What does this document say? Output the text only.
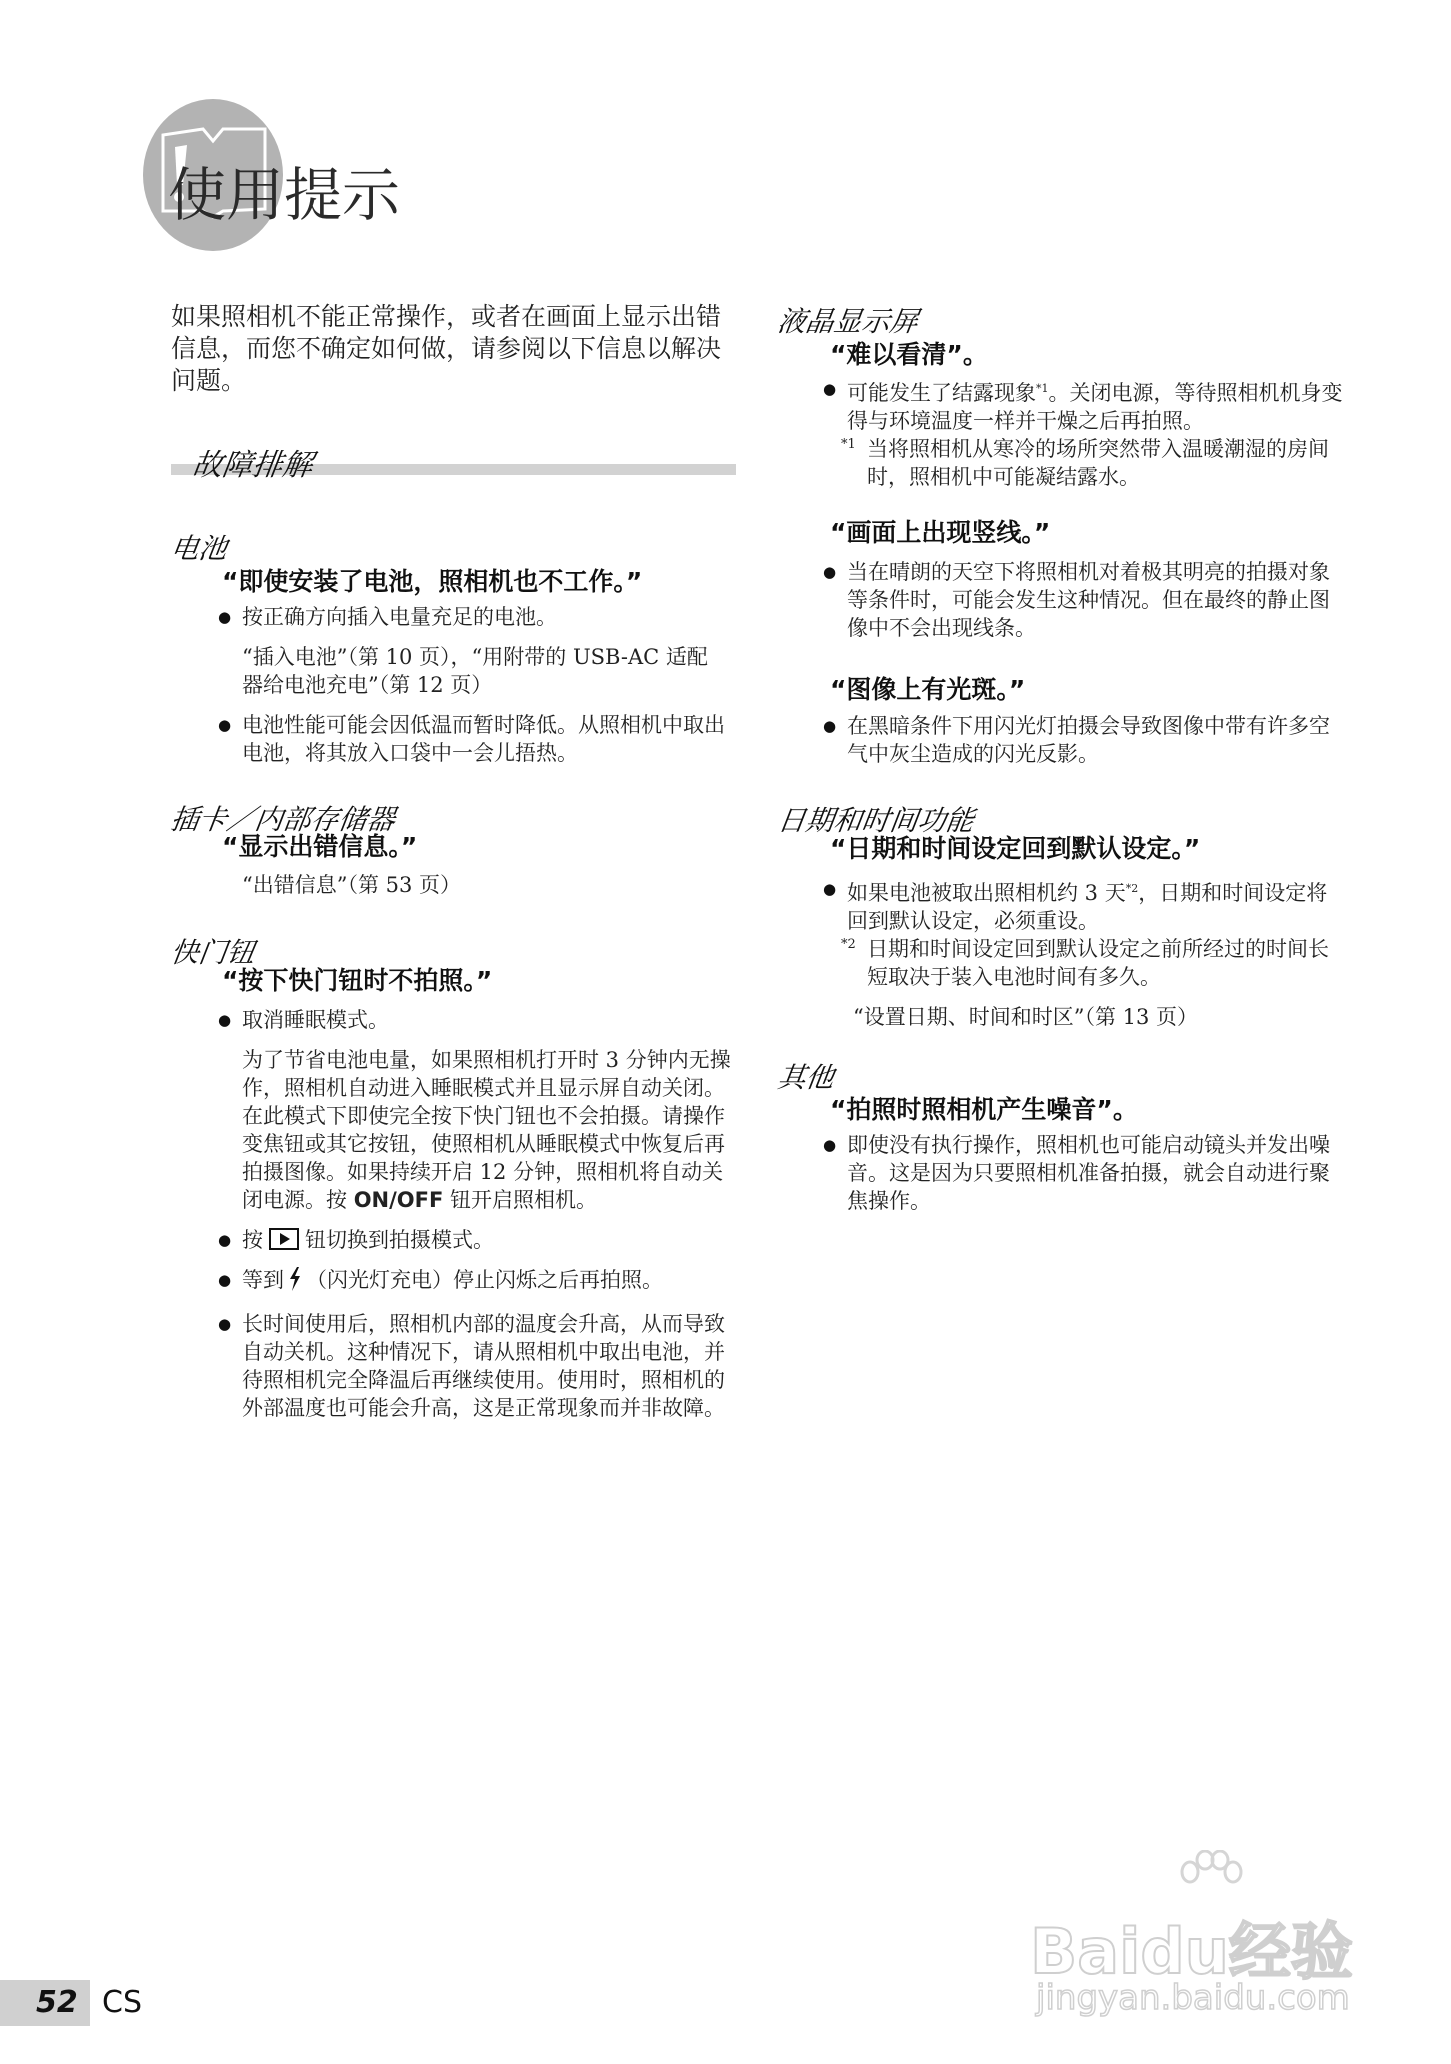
使用提示
如果照相机不能正常操作，或者在画面上显示出错信息，而您不确定如何做，请参阅以下信息以解决问题。
故障排解
电池
“即使安装了电池，照相机也不工作。”
● 按正确方向插入电量充足的电池。
“插入电池”（第 10 页），“用附带的 USB-AC 适配器给电池充电”（第 12 页）
● 电池性能可能会因低温而暂时降低。从照相机中取出电池，将其放入口袋中一会儿捂热。
插卡／内部存储器
“显示出错信息。”
“出错信息”（第 53 页）
快门钮
“按下快门钮时不拍照。”
● 取消睡眠模式。
为了节省电池电量，如果照相机打开时 3 分钟内无操作，照相机自动进入睡眠模式并且显示屏自动关闭。在此模式下即使完全按下快门钮也不会拍摄。请操作变焦钮或其它按钮，使照相机从睡眠模式中恢复后再拍摄图像。如果持续开启 12 分钟，照相机将自动关闭电源。按 ON/OFF 钮开启照相机。
● 按 钮切换到拍摄模式。
● 等到 （闪光灯充电）停止闪烁之后再拍照。
● 长时间使用后，照相机内部的温度会升高，从而导致自动关机。这种情况下，请从照相机中取出电池，并待照相机完全降温后再继续使用。使用时，照相机的外部温度也可能会升高，这是正常现象而并非故障。
液晶显示屏
“难以看清”。
● 可能发生了结露现象$^{*1}$。关闭电源，等待照相机机身变得与环境温度一样并干燥之后再拍照。
*1 当将照相机从寒冷的场所突然带入温暖潮湿的房间时，照相机中可能凝结露水。
“画面上出现竖线。”
● 当在晴朗的天空下将照相机对着极其明亮的拍摄对象等条件时，可能会发生这种情况。但在最终的静止图像中不会出现线条。
“图像上有光斑。”
● 在黑暗条件下用闪光灯拍摄会导致图像中带有许多空气中灰尘造成的闪光反影。
日期和时间功能
“日期和时间设定回到默认设定。”
● 如果电池被取出照相机约 3 天$^{*2}$，日期和时间设定将回到默认设定，必须重设。
*2 日期和时间设定回到默认设定之前所经过的时间长短取决于装入电池时间有多久。
“设置日期、时间和时区”（第 13 页）
其他
“拍照时照相机产生噪音”。
● 即使没有执行操作，照相机也可能启动镜头并发出噪音。这是因为只要照相机准备拍摄，就会自动进行聚焦操作。
52 CS
Baidu经验
jingyan.baidu.com
